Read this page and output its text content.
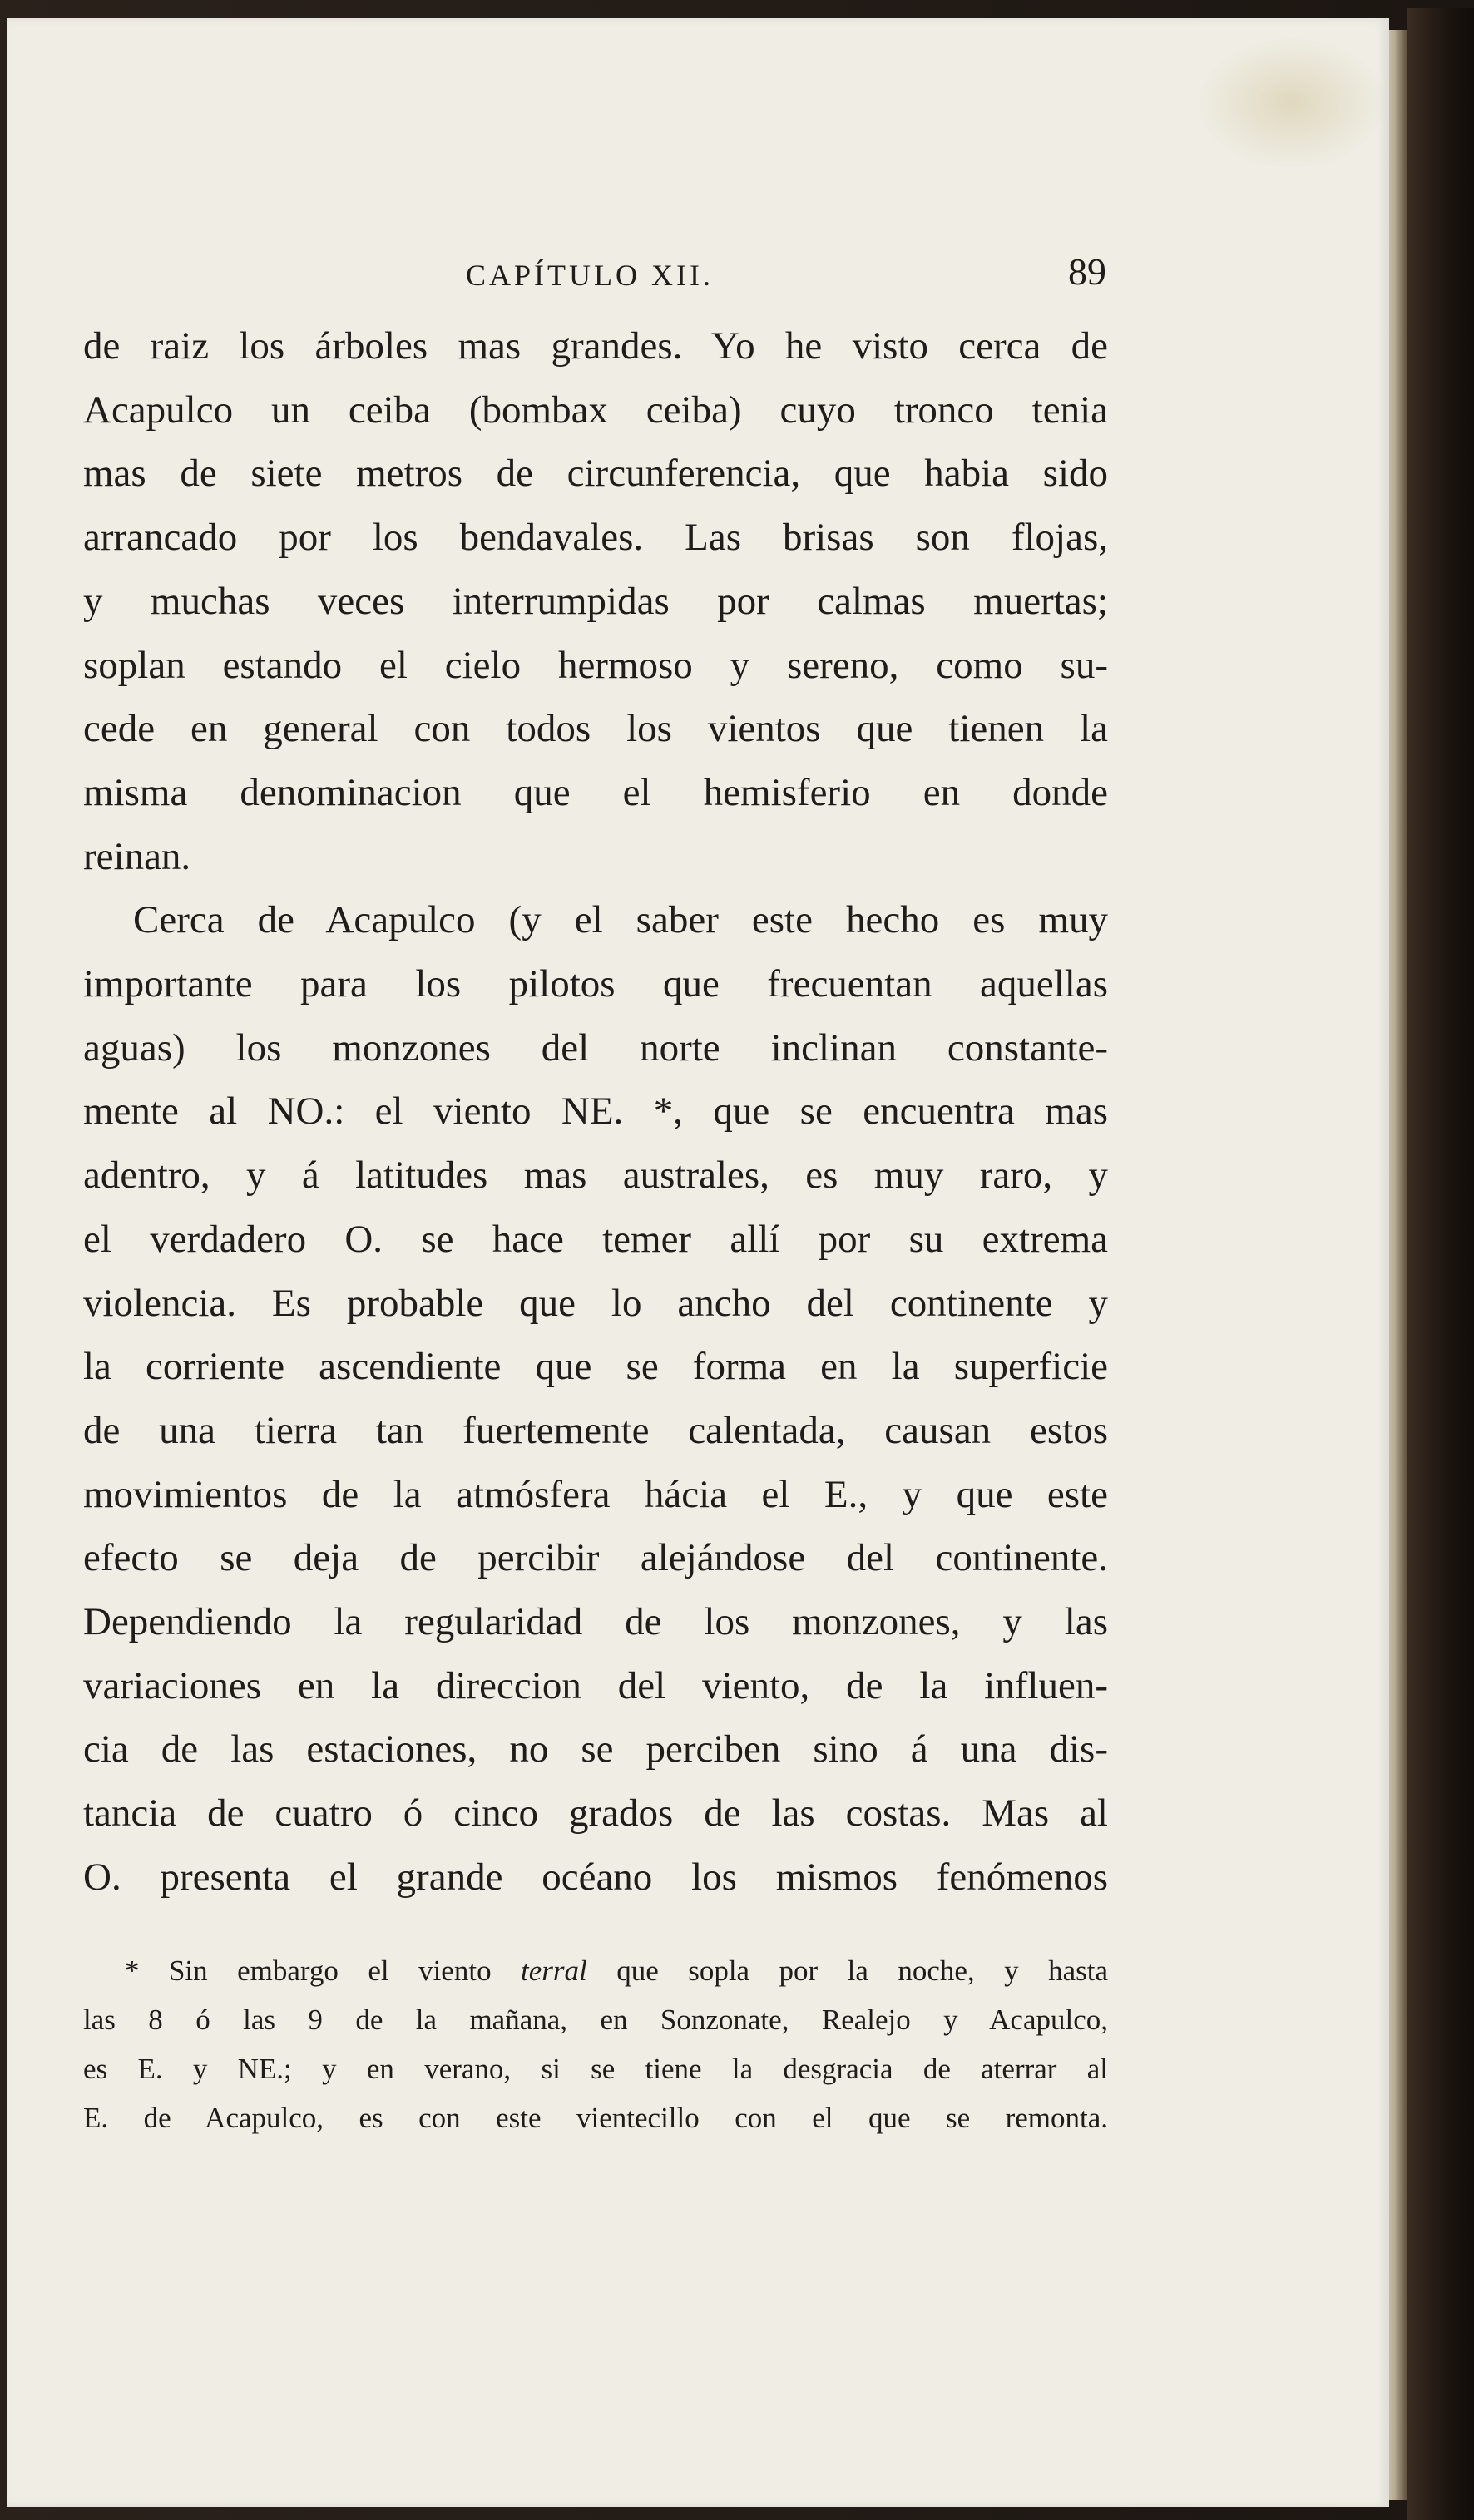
CAPÍTULO XII.	89
de raiz los árboles mas grandes. Yo he visto cerca de
Acapulco un ceiba (bombax ceiba) cuyo tronco tenia
mas de siete metros de circunferencia, que habia sido
arrancado por los bendavales. Las brisas son flojas,
y muchas veces interrumpidas por calmas muertas;
soplan estando el cielo hermoso y sereno, como su-
cede en general con todos los vientos que tienen la
misma denominacion que el hemisferio en donde
reinan.
Cerca de Acapulco (y el saber este hecho es muy
importante para los pilotos que frecuentan aquellas
aguas) los monzones del norte inclinan constante-
mente al NO.: el viento NE. *, que se encuentra mas
adentro, y á latitudes mas australes, es muy raro, y
el verdadero O. se hace temer allí por su extrema
violencia. Es probable que lo ancho del continente y
la corriente ascendiente que se forma en la superficie
de una tierra tan fuertemente calentada, causan estos
movimientos de la atmósfera hácia el E., y que este
efecto se deja de percibir alejándose del continente.
Dependiendo la regularidad de los monzones, y las
variaciones en la direccion del viento, de la influen-
cia de las estaciones, no se perciben sino á una dis-
tancia de cuatro ó cinco grados de las costas. Mas al
O. presenta el grande océano los mismos fenómenos
* Sin embargo el viento terral que sopla por la noche, y hasta
las 8 ó las 9 de la mañana, en Sonzonate, Realejo y Acapulco,
es E. y NE.; y en verano, si se tiene la desgracia de aterrar al
E. de Acapulco, es con este vientecillo con el que se remonta.
